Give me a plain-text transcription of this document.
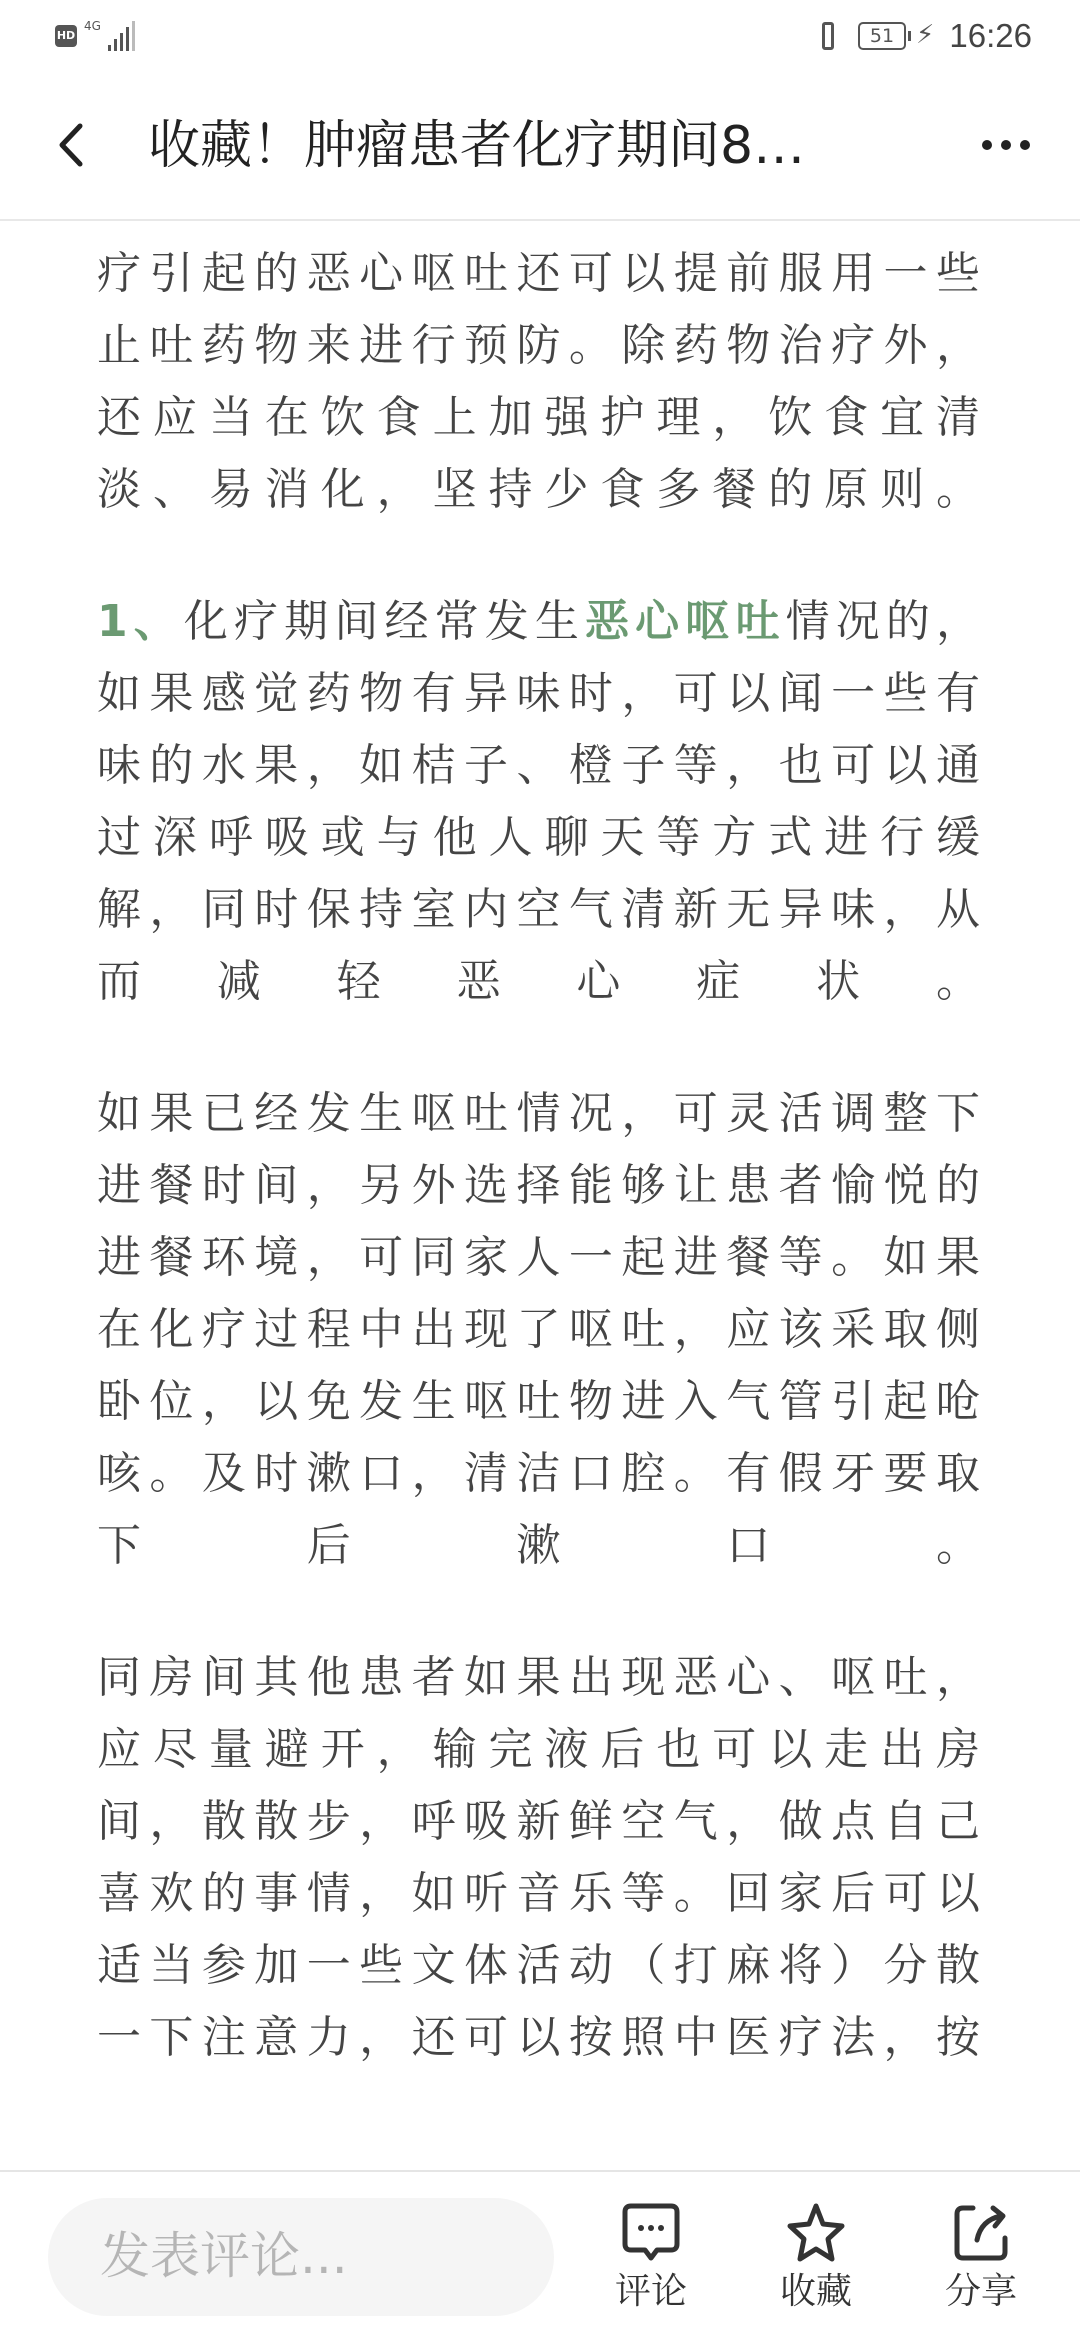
HD
4G	51 ⚡ 16:26
收藏！肿瘤患者化疗期间8…
疗引起的恶心呕吐还可以提前服用一些
止吐药物来进行预防。除药物治疗外，
还应当在饮食上加强护理，饮食宜清
淡、易消化，坚持少食多餐的原则。
1、化疗期间经常发生恶心呕吐情况的，
如果感觉药物有异味时，可以闻一些有
味的水果，如桔子、橙子等，也可以通
过深呼吸或与他人聊天等方式进行缓
解，同时保持室内空气清新无异味，从
而减轻恶心症状。
如果已经发生呕吐情况，可灵活调整下
进餐时间，另外选择能够让患者愉悦的
进餐环境，可同家人一起进餐等。如果
在化疗过程中出现了呕吐，应该采取侧
卧位，以免发生呕吐物进入气管引起呛
咳。及时漱口，清洁口腔。有假牙要取
下后漱口。
同房间其他患者如果出现恶心、呕吐，
应尽量避开，输完液后也可以走出房
间，散散步，呼吸新鲜空气，做点自己
喜欢的事情，如听音乐等。回家后可以
适当参加一些文体活动（打麻将）分散
一下注意力，还可以按照中医疗法，按
发表评论...
评论	收藏	分享
